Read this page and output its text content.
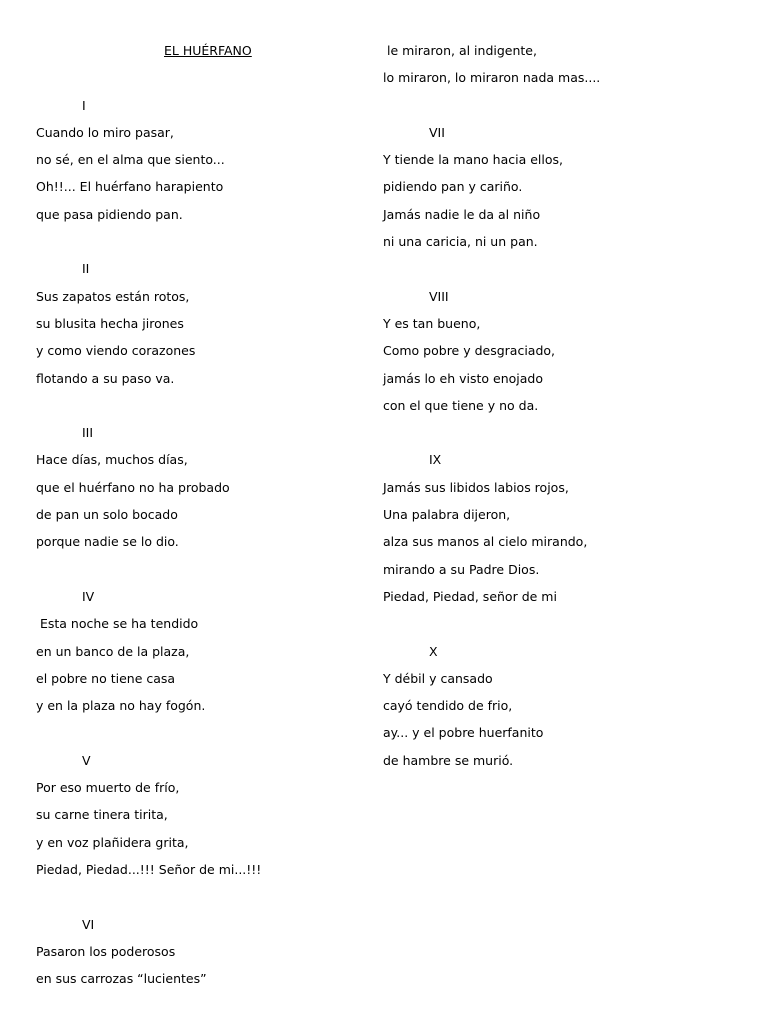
EL HUÉRFANO
I
Cuando lo miro pasar,
no sé, en el alma que siento...
Oh!!... El huérfano harapiento
que pasa pidiendo pan.
II
Sus zapatos están rotos,
su blusita hecha jirones
y como viendo corazones
flotando a su paso va.
III
Hace días, muchos días,
que el huérfano no ha probado
de pan un solo bocado
porque nadie se lo dio.
IV
Esta noche se ha tendido
en un banco de la plaza,
el pobre no tiene casa
y en la plaza no hay fogón.
V
Por eso muerto de frío,
su carne tinera tirita,
y en voz plañidera grita,
Piedad, Piedad...!!! Señor de mi...!!!
VI
Pasaron los poderosos
en sus carrozas “lucientes”
le miraron, al indigente,
lo miraron, lo miraron nada mas....
VII
Y tiende la mano hacia ellos,
pidiendo pan y cariño.
Jamás nadie le da al niño
ni una caricia, ni un pan.
VIII
Y es tan bueno,
Como pobre y desgraciado,
jamás lo eh visto enojado
con el que tiene y no da.
IX
Jamás sus libidos labios rojos,
Una palabra dijeron,
alza sus manos al cielo mirando,
mirando a su Padre Dios.
Piedad, Piedad, señor de mi
X
Y débil y cansado
cayó tendido de frio,
ay... y el pobre huerfanito
de hambre se murió.
